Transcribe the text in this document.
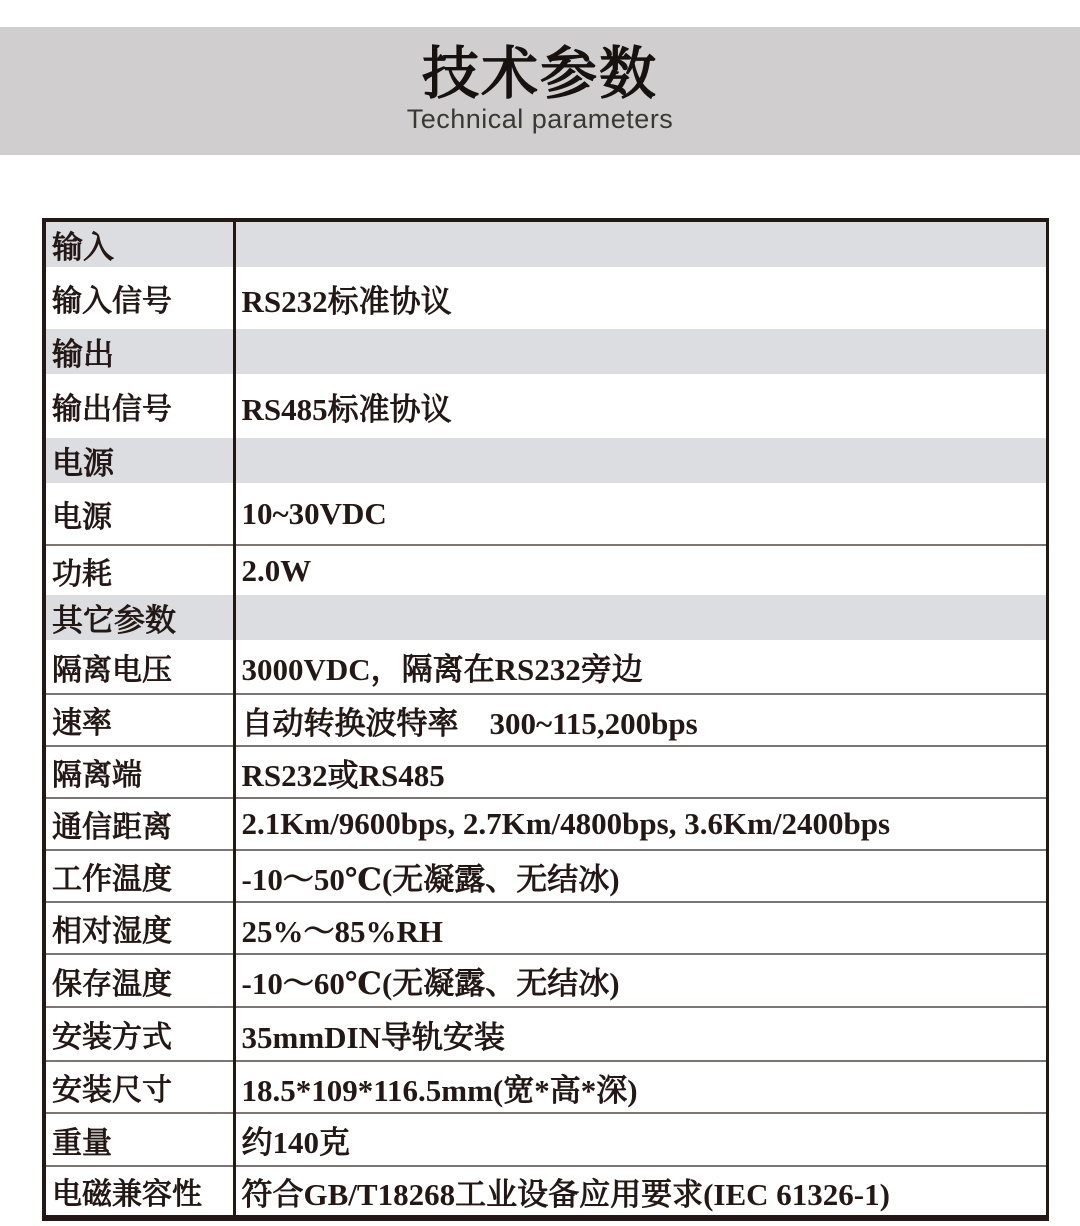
技术参数
Technical parameters
输入	
输入信号	RS232标准协议
输出	
输出信号	RS485标准协议
电源	
电源	10~30VDC
功耗	2.0W
其它参数	
隔离电压	3000VDC，隔离在RS232旁边
速率	自动转换波特率　300~115,200bps
隔离端	RS232或RS485
通信距离	2.1Km/9600bps, 2.7Km/4800bps, 3.6Km/2400bps
工作温度	-10～50℃(无凝露、无结冰)
相对湿度	25%～85%RH
保存温度	-10～60℃(无凝露、无结冰)
安装方式	35mmDIN导轨安装
安装尺寸	18.5*109*116.5mm(宽*高*深)
重量	约140克
电磁兼容性	符合GB/T18268工业设备应用要求(IEC 61326-1)
